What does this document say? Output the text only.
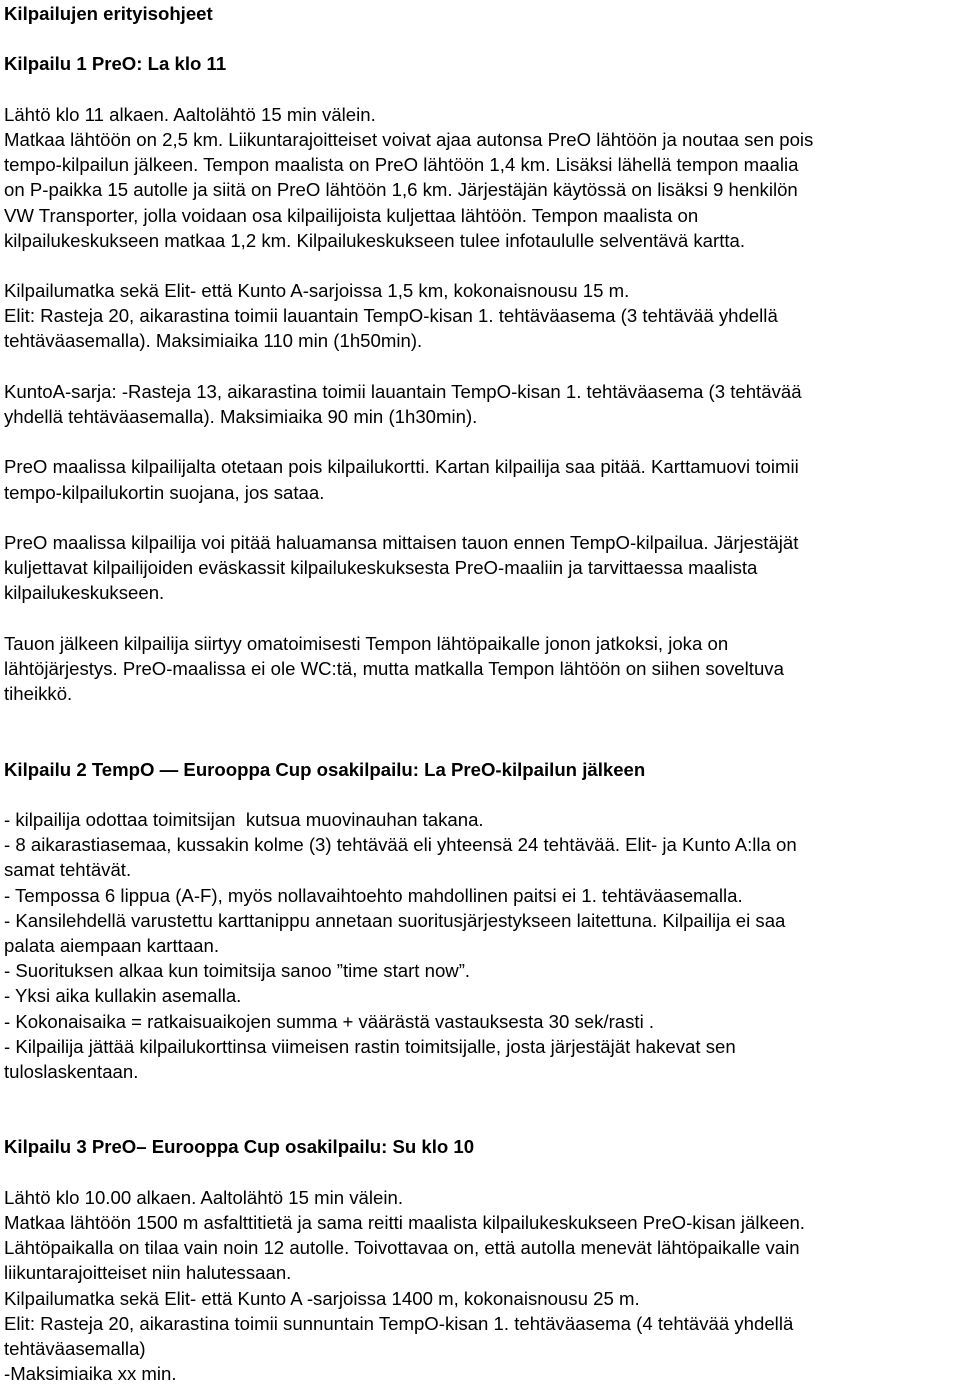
Kilpailujen erityisohjeet
Kilpailu 1 PreO: La klo 11
Lähtö klo 11 alkaen. Aaltolähtö 15 min välein.
Matkaa lähtöön on 2,5 km. Liikuntarajoitteiset voivat ajaa autonsa PreO lähtöön ja noutaa sen pois
tempo-kilpailun jälkeen. Tempon maalista on PreO lähtöön 1,4 km. Lisäksi lähellä tempon maalia
on P-paikka 15 autolle ja siitä on PreO lähtöön 1,6 km. Järjestäjän käytössä on lisäksi 9 henkilön
VW Transporter, jolla voidaan osa kilpailijoista kuljettaa lähtöön. Tempon maalista on
kilpailukeskukseen matkaa 1,2 km. Kilpailukeskukseen tulee infotaululle selventävä kartta.
Kilpailumatka sekä Elit- että Kunto A-sarjoissa 1,5 km, kokonaisnousu 15 m.
Elit: Rasteja 20, aikarastina toimii lauantain TempO-kisan 1. tehtäväasema (3 tehtävää yhdellä
tehtäväasemalla). Maksimiaika 110 min (1h50min).
KuntoA-sarja: -Rasteja 13, aikarastina toimii lauantain TempO-kisan 1. tehtäväasema (3 tehtävää
yhdellä tehtäväasemalla). Maksimiaika 90 min (1h30min).
PreO maalissa kilpailijalta otetaan pois kilpailukortti. Kartan kilpailija saa pitää. Karttamuovi toimii
tempo-kilpailukortin suojana, jos sataa.
PreO maalissa kilpailija voi pitää haluamansa mittaisen tauon ennen TempO-kilpailua. Järjestäjät
kuljettavat kilpailijoiden eväskassit kilpailukeskuksesta PreO-maaliin ja tarvittaessa maalista
kilpailukeskukseen.
Tauon jälkeen kilpailija siirtyy omatoimisesti Tempon lähtöpaikalle jonon jatkoksi, joka on
lähtöjärjestys. PreO-maalissa ei ole WC:tä, mutta matkalla Tempon lähtöön on siihen soveltuva
tiheikkö.
Kilpailu 2 TempO — Eurooppa Cup osakilpailu: La PreO-kilpailun jälkeen
- kilpailija odottaa toimitsijan  kutsua muovinauhan takana.
- 8 aikarastiasemaa, kussakin kolme (3) tehtävää eli yhteensä 24 tehtävää. Elit- ja Kunto A:lla on
samat tehtävät.
- Tempossa 6 lippua (A-F), myös nollavaihtoehto mahdollinen paitsi ei 1. tehtäväasemalla.
- Kansilehdellä varustettu karttanippu annetaan suoritusjärjestykseen laitettuna. Kilpailija ei saa
palata aiempaan karttaan.
- Suorituksen alkaa kun toimitsija sanoo ”time start now”.
- Yksi aika kullakin asemalla.
- Kokonaisaika = ratkaisuaikojen summa + väärästä vastauksesta 30 sek/rasti .
- Kilpailija jättää kilpailukorttinsa viimeisen rastin toimitsijalle, josta järjestäjät hakevat sen
tuloslaskentaan.
Kilpailu 3 PreO– Eurooppa Cup osakilpailu: Su klo 10
Lähtö klo 10.00 alkaen. Aaltolähtö 15 min välein.
Matkaa lähtöön 1500 m asfalttitietä ja sama reitti maalista kilpailukeskukseen PreO-kisan jälkeen.
Lähtöpaikalla on tilaa vain noin 12 autolle. Toivottavaa on, että autolla menevät lähtöpaikalle vain
liikuntarajoitteiset niin halutessaan.
Kilpailumatka sekä Elit- että Kunto A -sarjoissa 1400 m, kokonaisnousu 25 m.
Elit: Rasteja 20, aikarastina toimii sunnuntain TempO-kisan 1. tehtäväasema (4 tehtävää yhdellä
tehtäväasemalla)
-Maksimiaika xx min.
